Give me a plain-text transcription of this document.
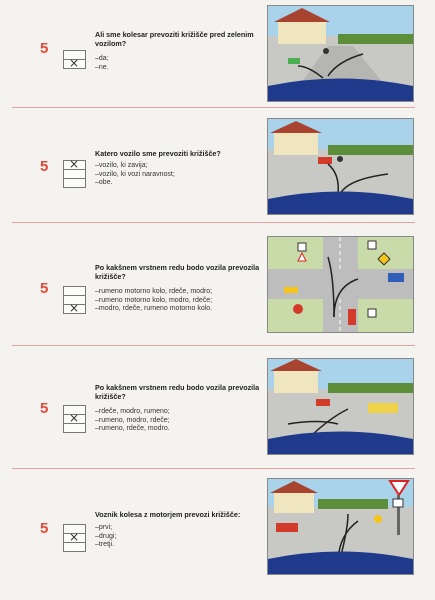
5
Ali sme kolesar prevoziti križišče pred zelenim vozilom?
×
– da;
– ne.
5
Katero vozilo sme prevoziti križišče?
×
– vozilo, ki zavija;
– vozilo, ki vozi naravnost;
– obe.
5
Po kakšnem vrstnem redu bodo vozila prevozila križišče?
×
– rumeno motorno kolo, rdeče, modro;
– rumeno motorno kolo, modro, rdeče;
– modro, rdeče, rumeno motorno kolo.
5
Po kakšnem vrstnem redu bodo vozila prevozila križišče?
×
– rdeče, modro, rumeno;
– rumeno, modro, rdeče;
– rumeno, rdeče, modro.
5
Voznik kolesa z motorjem prevozi križišče:
×
– prvi;
– drugi;
– tretji.
